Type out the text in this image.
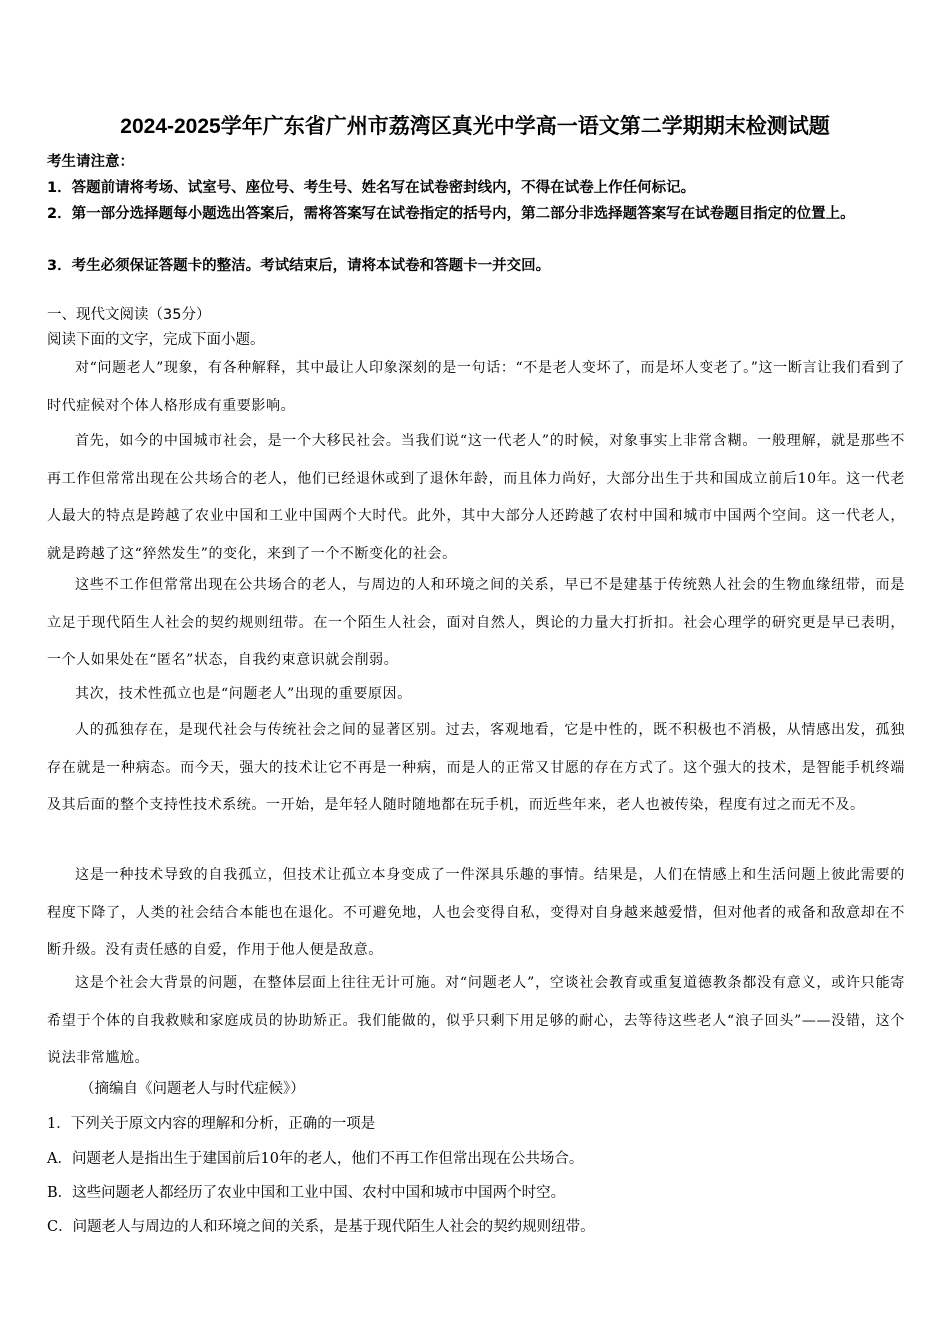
2024-2025学年广东省广州市荔湾区真光中学高一语文第二学期期末检测试题
考生请注意：
1．答题前请将考场、试室号、座位号、考生号、姓名写在试卷密封线内，不得在试卷上作任何标记。
2．第一部分选择题每小题选出答案后，需将答案写在试卷指定的括号内，第二部分非选择题答案写在试卷题目指定的位置上。
3．考生必须保证答题卡的整洁。考试结束后，请将本试卷和答题卡一并交回。
一、现代文阅读（35分）
阅读下面的文字，完成下面小题。
对“问题老人”现象，有各种解释，其中最让人印象深刻的是一句话：“不是老人变坏了，而是坏人变老了。”这一断言让我们看到了时代症候对个体人格形成有重要影响。
首先，如今的中国城市社会，是一个大移民社会。当我们说“这一代老人”的时候，对象事实上非常含糊。一般理解，就是那些不再工作但常常出现在公共场合的老人，他们已经退休或到了退休年龄，而且体力尚好，大部分出生于共和国成立前后10年。这一代老人最大的特点是跨越了农业中国和工业中国两个大时代。此外，其中大部分人还跨越了农村中国和城市中国两个空间。这一代老人，就是跨越了这“猝然发生”的变化，来到了一个不断变化的社会。
这些不工作但常常出现在公共场合的老人，与周边的人和环境之间的关系，早已不是建基于传统熟人社会的生物血缘纽带，而是立足于现代陌生人社会的契约规则纽带。在一个陌生人社会，面对自然人，舆论的力量大打折扣。社会心理学的研究更是早已表明，一个人如果处在“匿名”状态，自我约束意识就会削弱。
其次，技术性孤立也是“问题老人”出现的重要原因。
人的孤独存在，是现代社会与传统社会之间的显著区别。过去，客观地看，它是中性的，既不积极也不消极，从情感出发，孤独存在就是一种病态。而今天，强大的技术让它不再是一种病，而是人的正常又甘愿的存在方式了。这个强大的技术，是智能手机终端及其后面的整个支持性技术系统。一开始，是年轻人随时随地都在玩手机，而近些年来，老人也被传染，程度有过之而无不及。
这是一种技术导致的自我孤立，但技术让孤立本身变成了一件深具乐趣的事情。结果是，人们在情感上和生活问题上彼此需要的程度下降了，人类的社会结合本能也在退化。不可避免地，人也会变得自私，变得对自身越来越爱惜，但对他者的戒备和敌意却在不断升级。没有责任感的自爱，作用于他人便是敌意。
这是个社会大背景的问题，在整体层面上往往无计可施。对“问题老人”，空谈社会教育或重复道德教条都没有意义，或许只能寄希望于个体的自我救赎和家庭成员的协助矫正。我们能做的，似乎只剩下用足够的耐心，去等待这些老人“浪子回头”——没错，这个说法非常尴尬。
（摘编自《问题老人与时代症候》）
1．下列关于原文内容的理解和分析，正确的一项是
A．问题老人是指出生于建国前后10年的老人，他们不再工作但常出现在公共场合。
B．这些问题老人都经历了农业中国和工业中国、农村中国和城市中国两个时空。
C．问题老人与周边的人和环境之间的关系，是基于现代陌生人社会的契约规则纽带。
